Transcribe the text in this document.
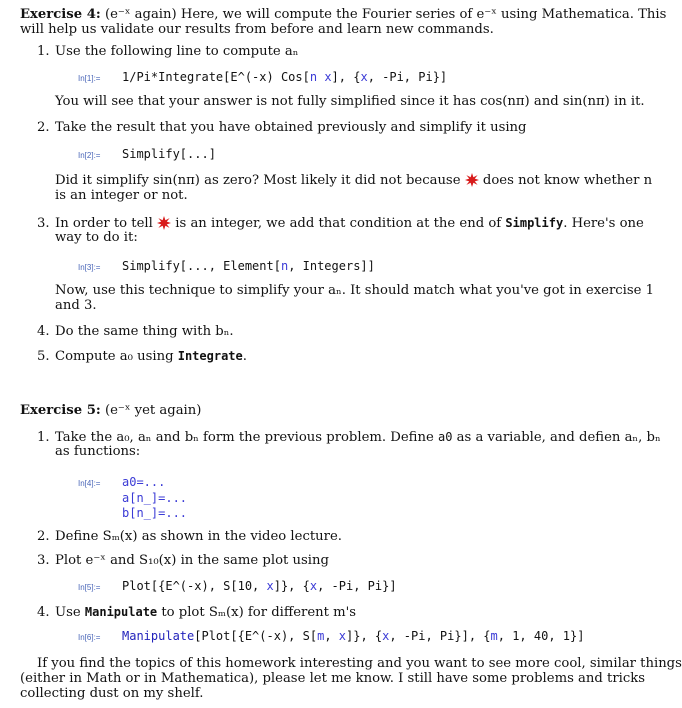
Exercise 4: (e⁻ˣ again) Here, we will compute the Fourier series of e⁻ˣ using Mathematica. This
will help us validate our results from before and learn new commands.
1. Use the following line to compute aₙ
In[1]:= 1/Pi*Integrate[E^(-x) Cos[n x], {x, -Pi, Pi}]
You will see that your answer is not fully simplified since it has cos(nπ) and sin(nπ) in it.
2. Take the result that you have obtained previously and simplify it using
In[2]:= Simplify[...]
Did it simplify sin(nπ) as zero? Most likely it did not because does not know whether n
is an integer or not.
3. In order to tell is an integer, we add that condition at the end of Simplify. Here's one
way to do it:
In[3]:= Simplify[..., Element[n, Integers]]
Now, use this technique to simplify your aₙ. It should match what you've got in exercise 1
and 3.
4. Do the same thing with bₙ.
5. Compute a₀ using Integrate.
Exercise 5: (e⁻ˣ yet again)
1. Take the a₀, aₙ and bₙ form the previous problem. Define a0 as a variable, and defien aₙ, bₙ
as functions:
In[4]:= a0=...
a[n_]=...
b[n_]=...
2. Define Sₘ(x) as shown in the video lecture.
3. Plot e⁻ˣ and S₁₀(x) in the same plot using
In[5]:= Plot[{E^(-x), S[10, x]}, {x, -Pi, Pi}]
4. Use Manipulate to plot Sₘ(x) for different m's
In[6]:= Manipulate[Plot[{E^(-x), S[m, x]}, {x, -Pi, Pi}], {m, 1, 40, 1}]
If you find the topics of this homework interesting and you want to see more cool, similar things
(either in Math or in Mathematica), please let me know. I still have some problems and tricks
collecting dust on my shelf.
